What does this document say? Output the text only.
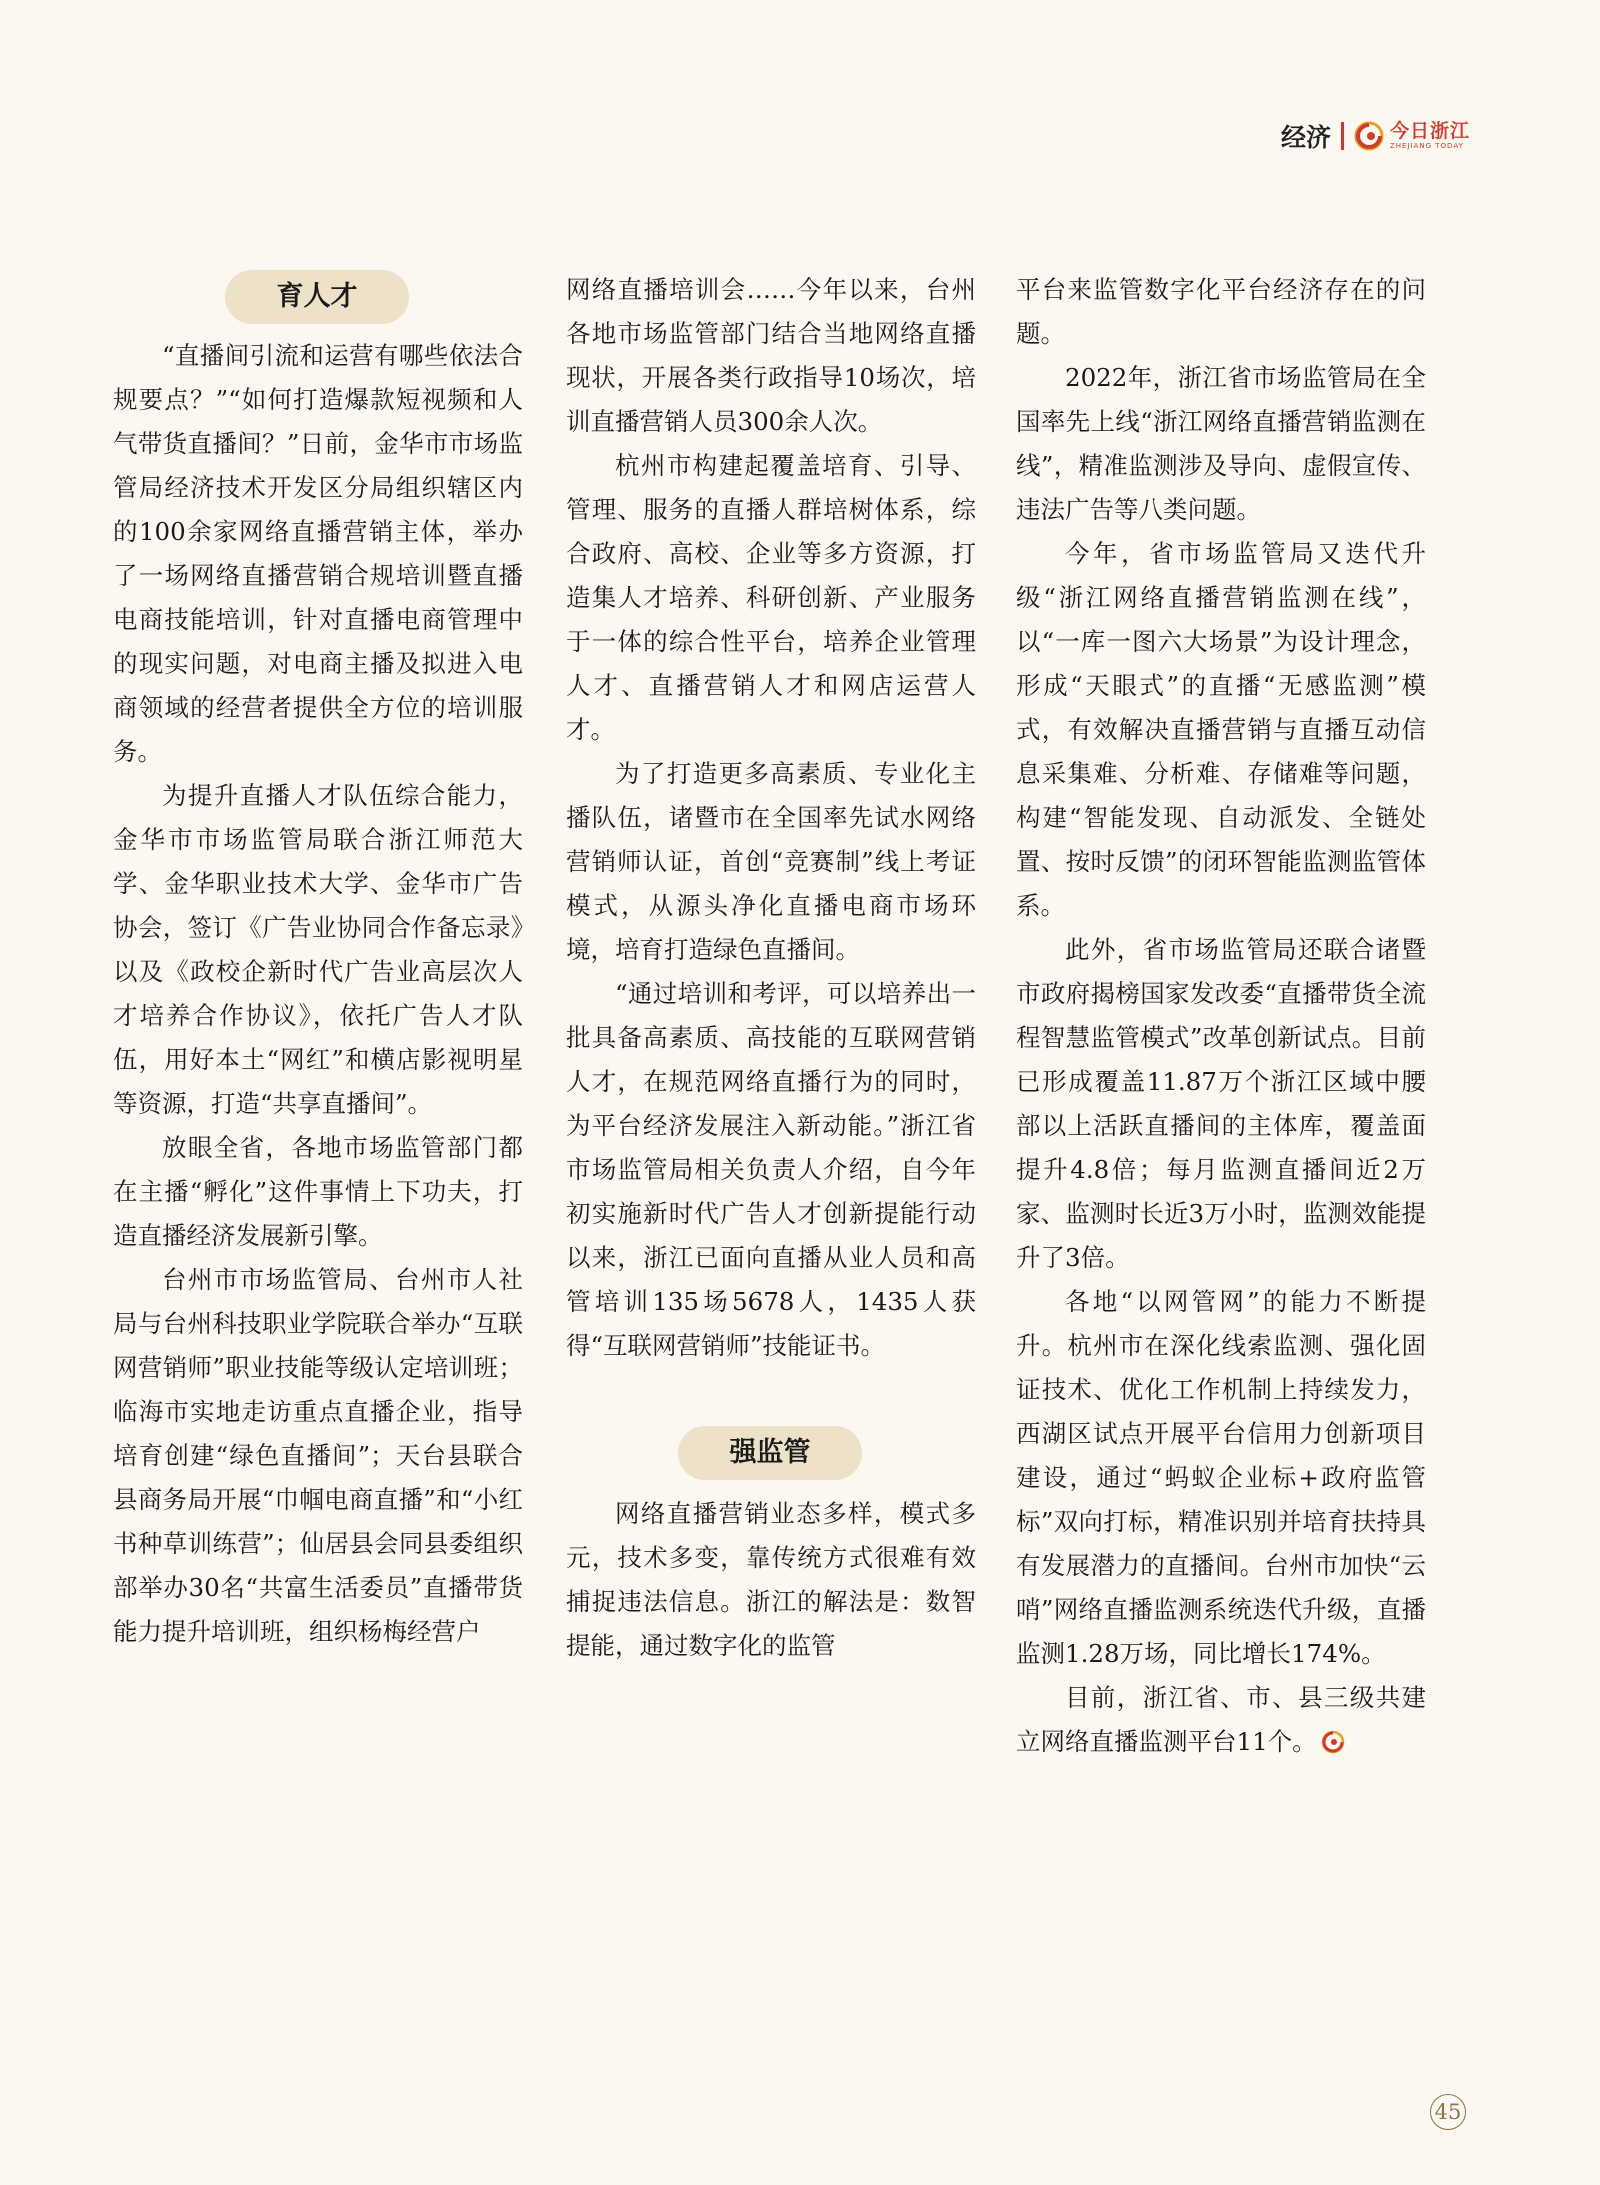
经济	今日浙江
ZHEJIANG TODAY
育人才

“直播间引流和运营有哪些依法合规要点？”“如何打造爆款短视频和人气带货直播间？”日前，金华市市场监管局经济技术开发区分局组织辖区内的100余家网络直播营销主体，举办了一场网络直播营销合规培训暨直播电商技能培训，针对直播电商管理中的现实问题，对电商主播及拟进入电商领域的经营者提供全方位的培训服务。

为提升直播人才队伍综合能力，金华市市场监管局联合浙江师范大学、金华职业技术大学、金华市广告协会，签订《广告业协同合作备忘录》以及《政校企新时代广告业高层次人才培养合作协议》，依托广告人才队伍，用好本土“网红”和横店影视明星等资源，打造“共享直播间”。

放眼全省，各地市场监管部门都在主播“孵化”这件事情上下功夫，打造直播经济发展新引擎。

台州市市场监管局、台州市人社局与台州科技职业学院联合举办“互联网营销师”职业技能等级认定培训班；临海市实地走访重点直播企业，指导培育创建“绿色直播间”；天台县联合县商务局开展“巾帼电商直播”和“小红书种草训练营”；仙居县会同县委组织部举办30名“共富生活委员”直播带货能力提升培训班，组织杨梅经营户

网络直播培训会……今年以来，台州各地市场监管部门结合当地网络直播现状，开展各类行政指导10场次，培训直播营销人员300余人次。

杭州市构建起覆盖培育、引导、管理、服务的直播人群培树体系，综合政府、高校、企业等多方资源，打造集人才培养、科研创新、产业服务于一体的综合性平台，培养企业管理人才、直播营销人才和网店运营人才。

为了打造更多高素质、专业化主播队伍，诸暨市在全国率先试水网络营销师认证，首创“竞赛制”线上考证模式，从源头净化直播电商市场环境，培育打造绿色直播间。

“通过培训和考评，可以培养出一批具备高素质、高技能的互联网营销人才，在规范网络直播行为的同时，为平台经济发展注入新动能。”浙江省市场监管局相关负责人介绍，自今年初实施新时代广告人才创新提能行动以来，浙江已面向直播从业人员和高管培训135场5678人，1435人获得“互联网营销师”技能证书。

强监管

网络直播营销业态多样，模式多元，技术多变，靠传统方式很难有效捕捉违法信息。浙江的解法是：数智提能，通过数字化的监管

平台来监管数字化平台经济存在的问题。

2022年，浙江省市场监管局在全国率先上线“浙江网络直播营销监测在线”，精准监测涉及导向、虚假宣传、违法广告等八类问题。

今年，省市场监管局又迭代升级“浙江网络直播营销监测在线”，以“一库一图六大场景”为设计理念，形成“天眼式”的直播“无感监测”模式，有效解决直播营销与直播互动信息采集难、分析难、存储难等问题，构建“智能发现、自动派发、全链处置、按时反馈”的闭环智能监测监管体系。

此外，省市场监管局还联合诸暨市政府揭榜国家发改委“直播带货全流程智慧监管模式”改革创新试点。目前已形成覆盖11.87万个浙江区域中腰部以上活跃直播间的主体库，覆盖面提升4.8倍；每月监测直播间近2万家、监测时长近3万小时，监测效能提升了3倍。

各地“以网管网”的能力不断提升。杭州市在深化线索监测、强化固证技术、优化工作机制上持续发力，西湖区试点开展平台信用力创新项目建设，通过“蚂蚁企业标+政府监管标”双向打标，精准识别并培育扶持具有发展潜力的直播间。台州市加快“云哨”网络直播监测系统迭代升级，直播监测1.28万场，同比增长174%。

目前，浙江省、市、县三级共建立网络直播监测平台11个。

45
